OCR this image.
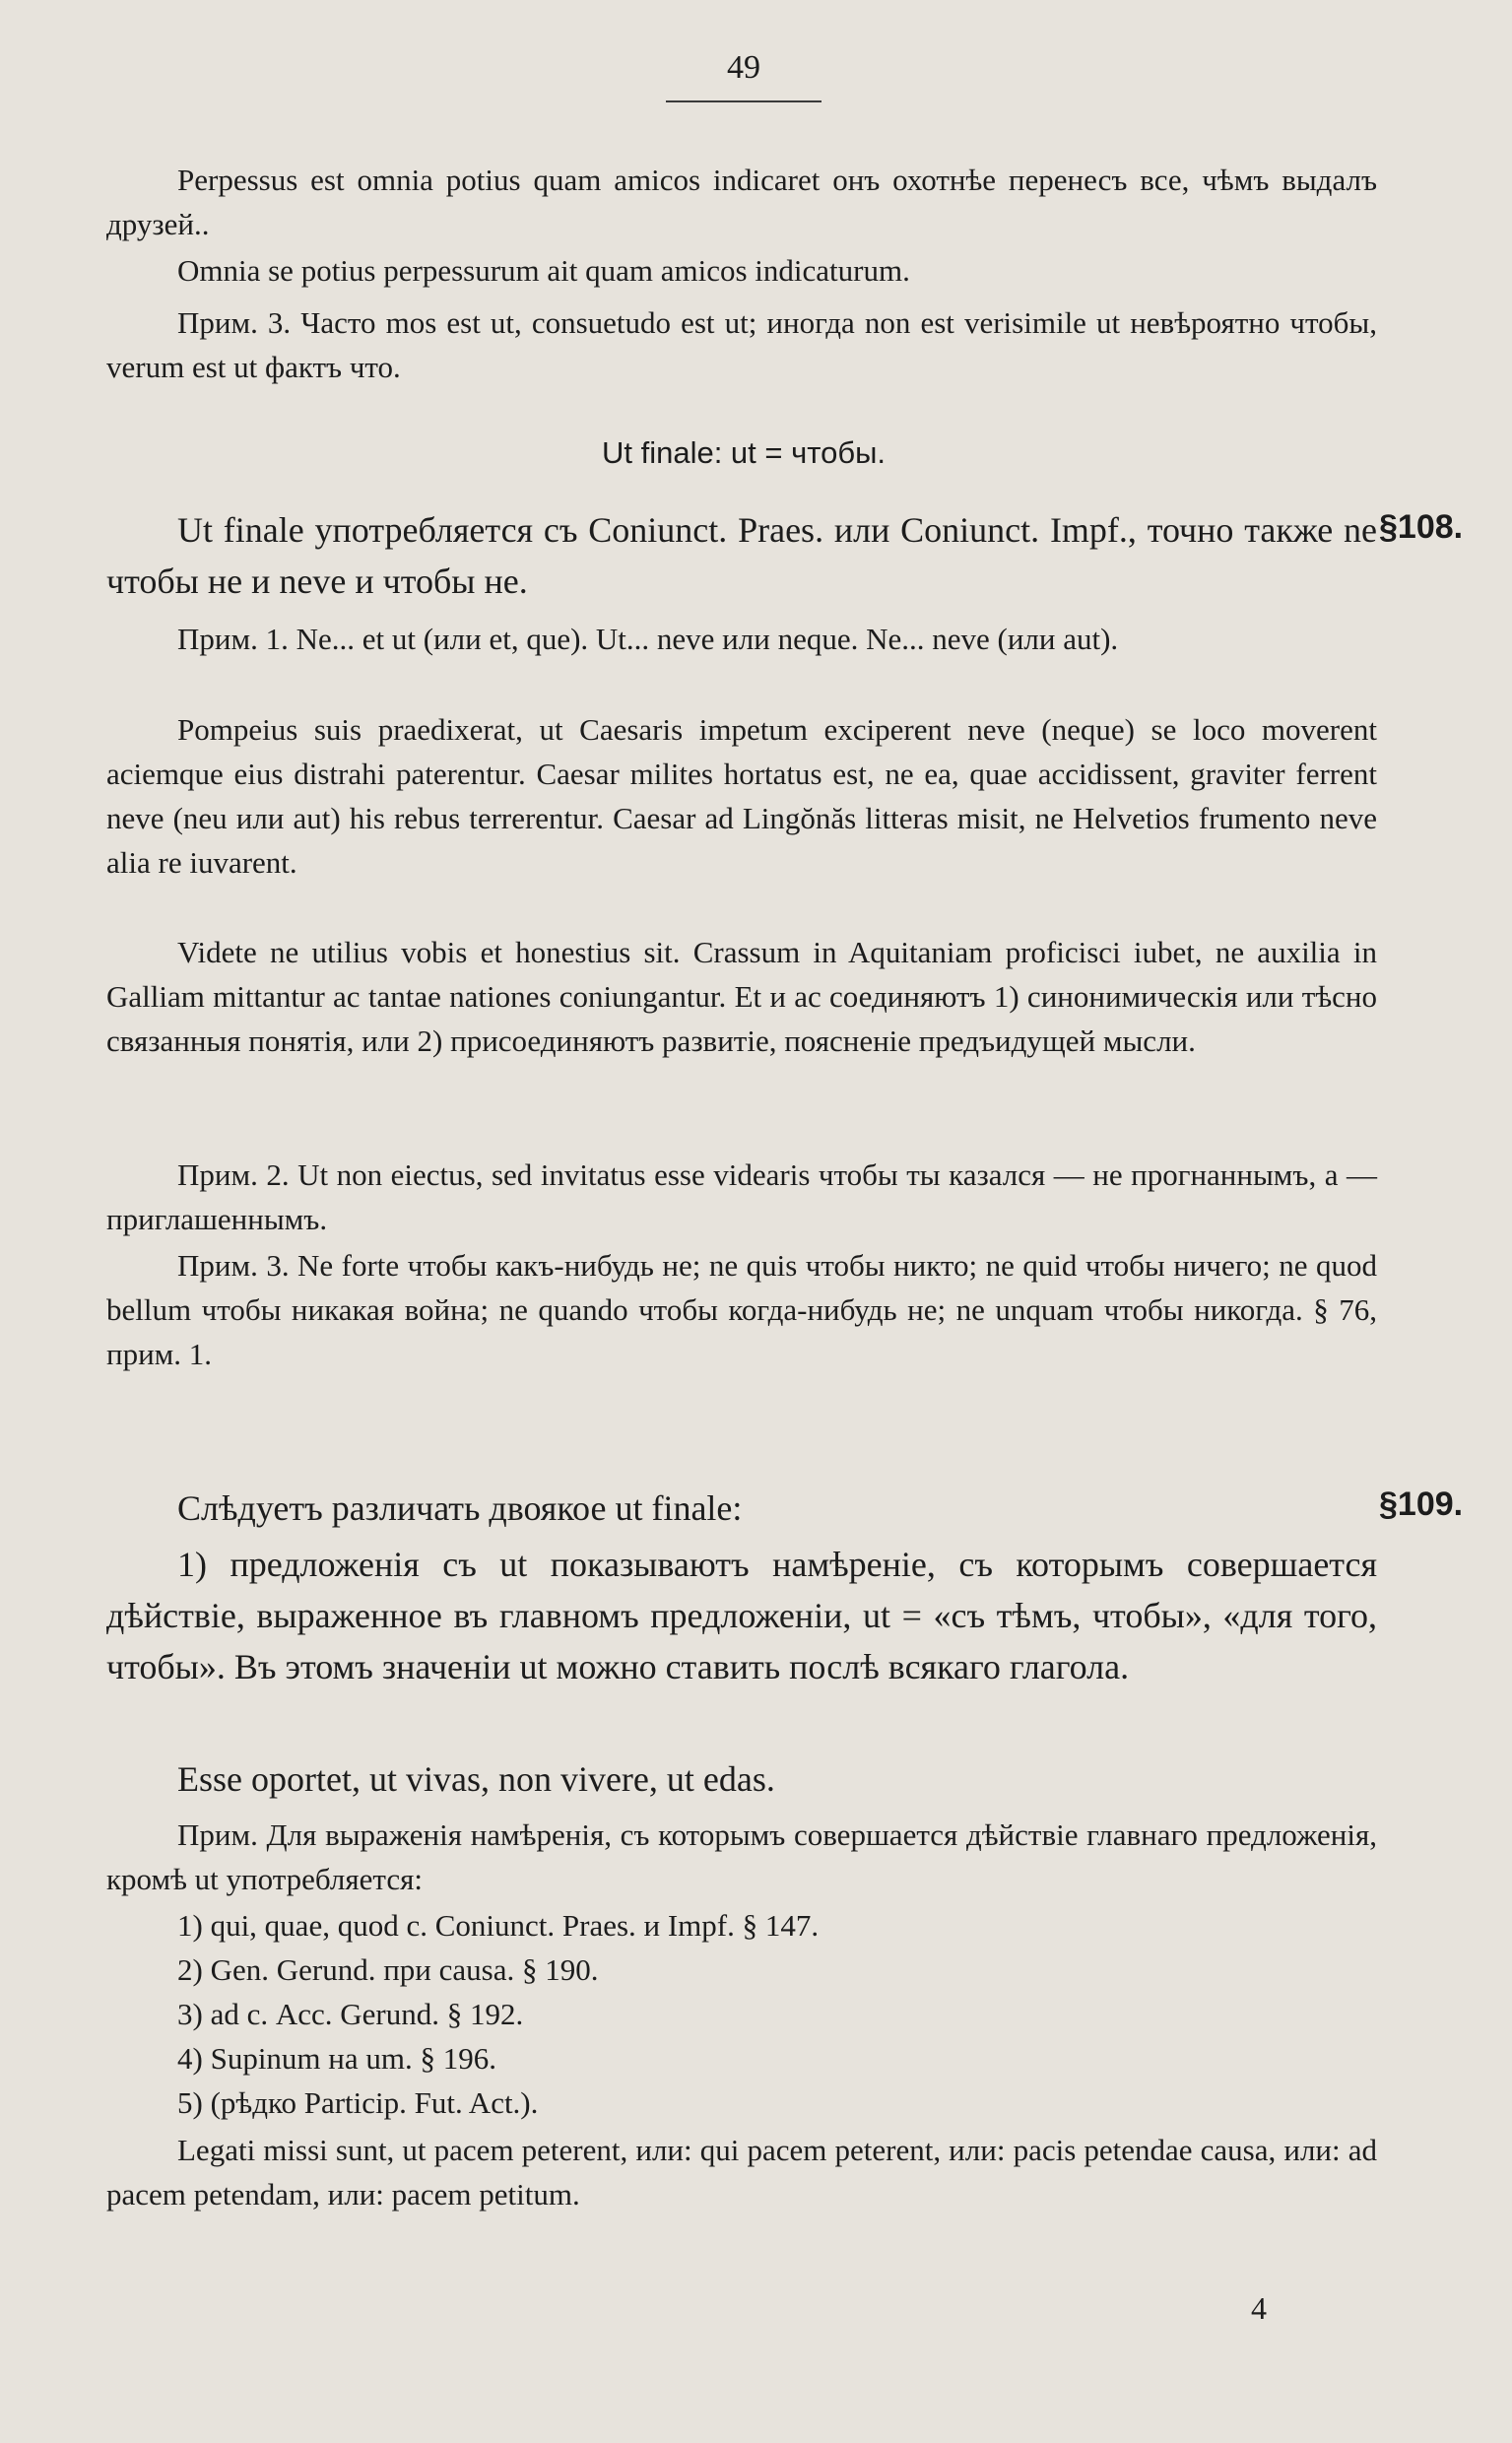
49
Perpessus est omnia potius quam amicos indicaret онъ охотнѣе перенесъ все, чѣмъ выдалъ друзей..
Omnia se potius perpessurum ait quam amicos indicaturum.
Прим. 3. Часто mos est ut, consuetudo est ut; иногда non est verisimile ut невѣроятно чтобы, verum est ut фактъ что.
Ut finale: ut = чтобы.
Ut finale употребляется съ Coniunct. Praes. или Coniunct. Impf., точно также ne чтобы не и neve и чтобы не.
§108.
Прим. 1. Ne... et ut (или et, que). Ut... neve или neque. Ne... neve (или aut).
Pompeius suis praedixerat, ut Caesaris impetum exciperent neve (neque) se loco moverent aciemque eius distrahi paterentur. Caesar milites hortatus est, ne ea, quae accidissent, graviter ferrent neve (neu или aut) his rebus terrerentur. Caesar ad Lingŏnăs litteras misit, ne Helvetios frumento neve alia re iuvarent.
Videte ne utilius vobis et honestius sit. Crassum in Aquitaniam proficisci iubet, ne auxilia in Galliam mittantur ac tantae nationes coniungantur. Et и ac соединяютъ 1) синонимическія или тѣсно связанныя понятія, или 2) присоединяютъ развитіе, поясненіе предъидущей мысли.
Прим. 2. Ut non eiectus, sed invitatus esse videaris чтобы ты казался — не прогнаннымъ, а — приглашеннымъ.
Прим. 3. Ne forte чтобы какъ-нибудь не; ne quis чтобы никто; ne quid чтобы ничего; ne quod bellum чтобы никакая война; ne quando чтобы когда-нибудь не; ne unquam чтобы никогда. § 76, прим. 1.
Слѣдуетъ различать двоякое ut finale:	§109.
1) предложенія съ ut показываютъ намѣреніе, съ которымъ совершается дѣйствіе, выраженное въ главномъ предложеніи, ut = «съ тѣмъ, чтобы», «для того, чтобы». Въ этомъ значеніи ut можно ставить послѣ всякаго глагола.
Esse oportet, ut vivas, non vivere, ut edas.
Прим. Для выраженія намѣренія, съ которымъ совершается дѣйствіе главнаго предложенія, кромѣ ut употребляется:
1) qui, quae, quod с. Coniunct. Praes. и Impf. § 147.
2) Gen. Gerund. при causa. § 190.
3) ad с. Acc. Gerund. § 192.
4) Supinum на um. § 196.
5) (рѣдко Particip. Fut. Act.).
Legati missi sunt, ut pacem peterent, или: qui pacem peterent, или: pacis petendae causa, или: ad pacem petendam, или: pacem petitum.
4
